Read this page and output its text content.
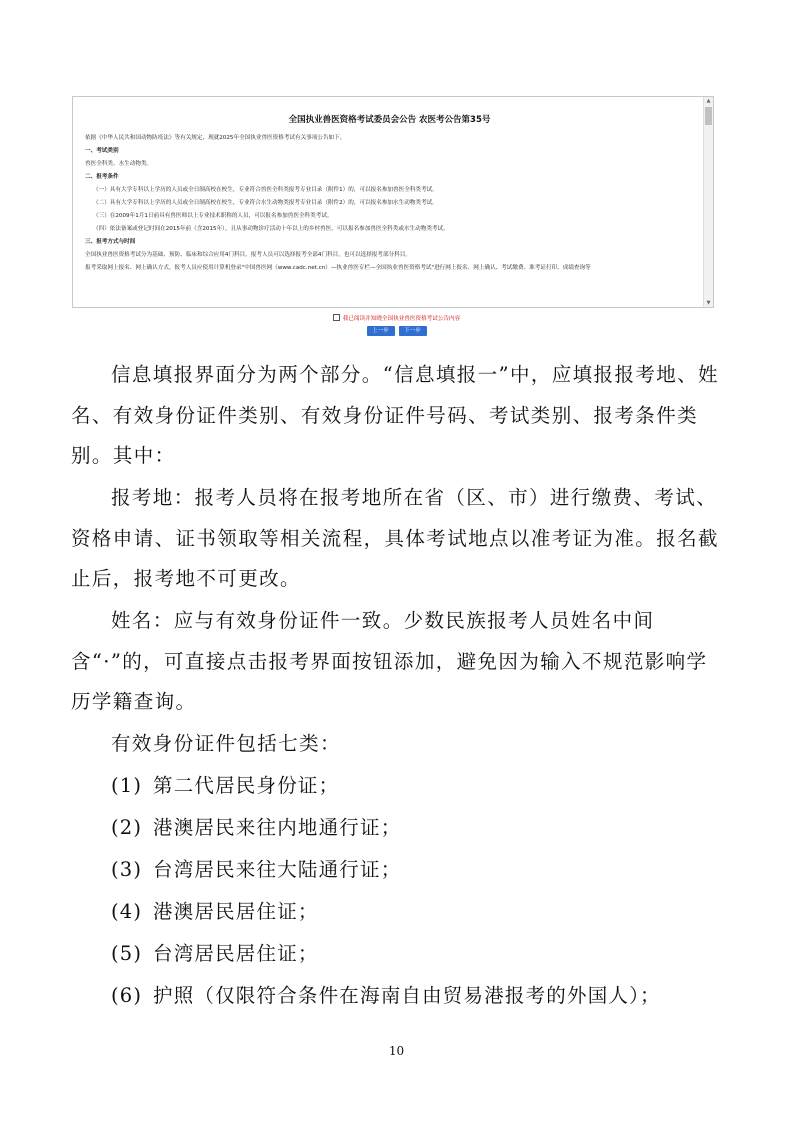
全国执业兽医资格考试委员会公告 农医考公告第35号
依据《中华人民共和国动物防疫法》等有关规定，现就2025年全国执业兽医资格考试有关事项公告如下。
一、考试类别
兽医全科类、水生动物类。
二、报考条件
（一）具有大学专科以上学历的人员或全日制高校在校生，专业符合兽医全科类报考专业目录（附件1）的，可以报名参加兽医全科类考试。
（二）具有大学专科以上学历的人员或全日制高校在校生，专业符合水生动物类报考专业目录（附件2）的，可以报名参加水生动物类考试。
（三）在2009年1月1日前具有兽医师以上专业技术职称的人员，可以报名参加兽医全科类考试。
（四）依法备案或登记时间在2015年前（含2015年），且从事动物诊疗活动十年以上的乡村兽医，可以报名参加兽医全科类或水生动物类考试。
三、报考方式与时间
全国执业兽医资格考试分为基础、预防、临床和综合应用4门科目，报考人员可以选择报考全部4门科目，也可以选择报考部分科目。
报考采取网上报名、网上确认方式。报考人员应使用计算机登录"中国兽医网（www.cadc.net.cn）—执业兽医专栏—全国执业兽医资格考试"进行网上报名、网上确认、考试缴费、准考证打印、成绩查询等
▲
▼
我已阅读并知晓全国执业兽医资格考试公告内容
上一步	下一步

信息填报界面分为两个部分。“信息填报一”中，应填报报考地、姓名、有效身份证件类别、有效身份证件号码、考试类别、报考条件类别。其中：

报考地：报考人员将在报考地所在省（区、市）进行缴费、考试、资格申请、证书领取等相关流程，具体考试地点以准考证为准。报名截止后，报考地不可更改。

姓名：应与有效身份证件一致。少数民族报考人员姓名中间含“·”的，可直接点击报考界面按钮添加，避免因为输入不规范影响学历学籍查询。

有效身份证件包括七类：

(1) 第二代居民身份证；
(2) 港澳居民来往内地通行证；
(3) 台湾居民来往大陆通行证；
(4) 港澳居民居住证；
(5) 台湾居民居住证；
(6) 护照（仅限符合条件在海南自由贸易港报考的外国人）；
10
